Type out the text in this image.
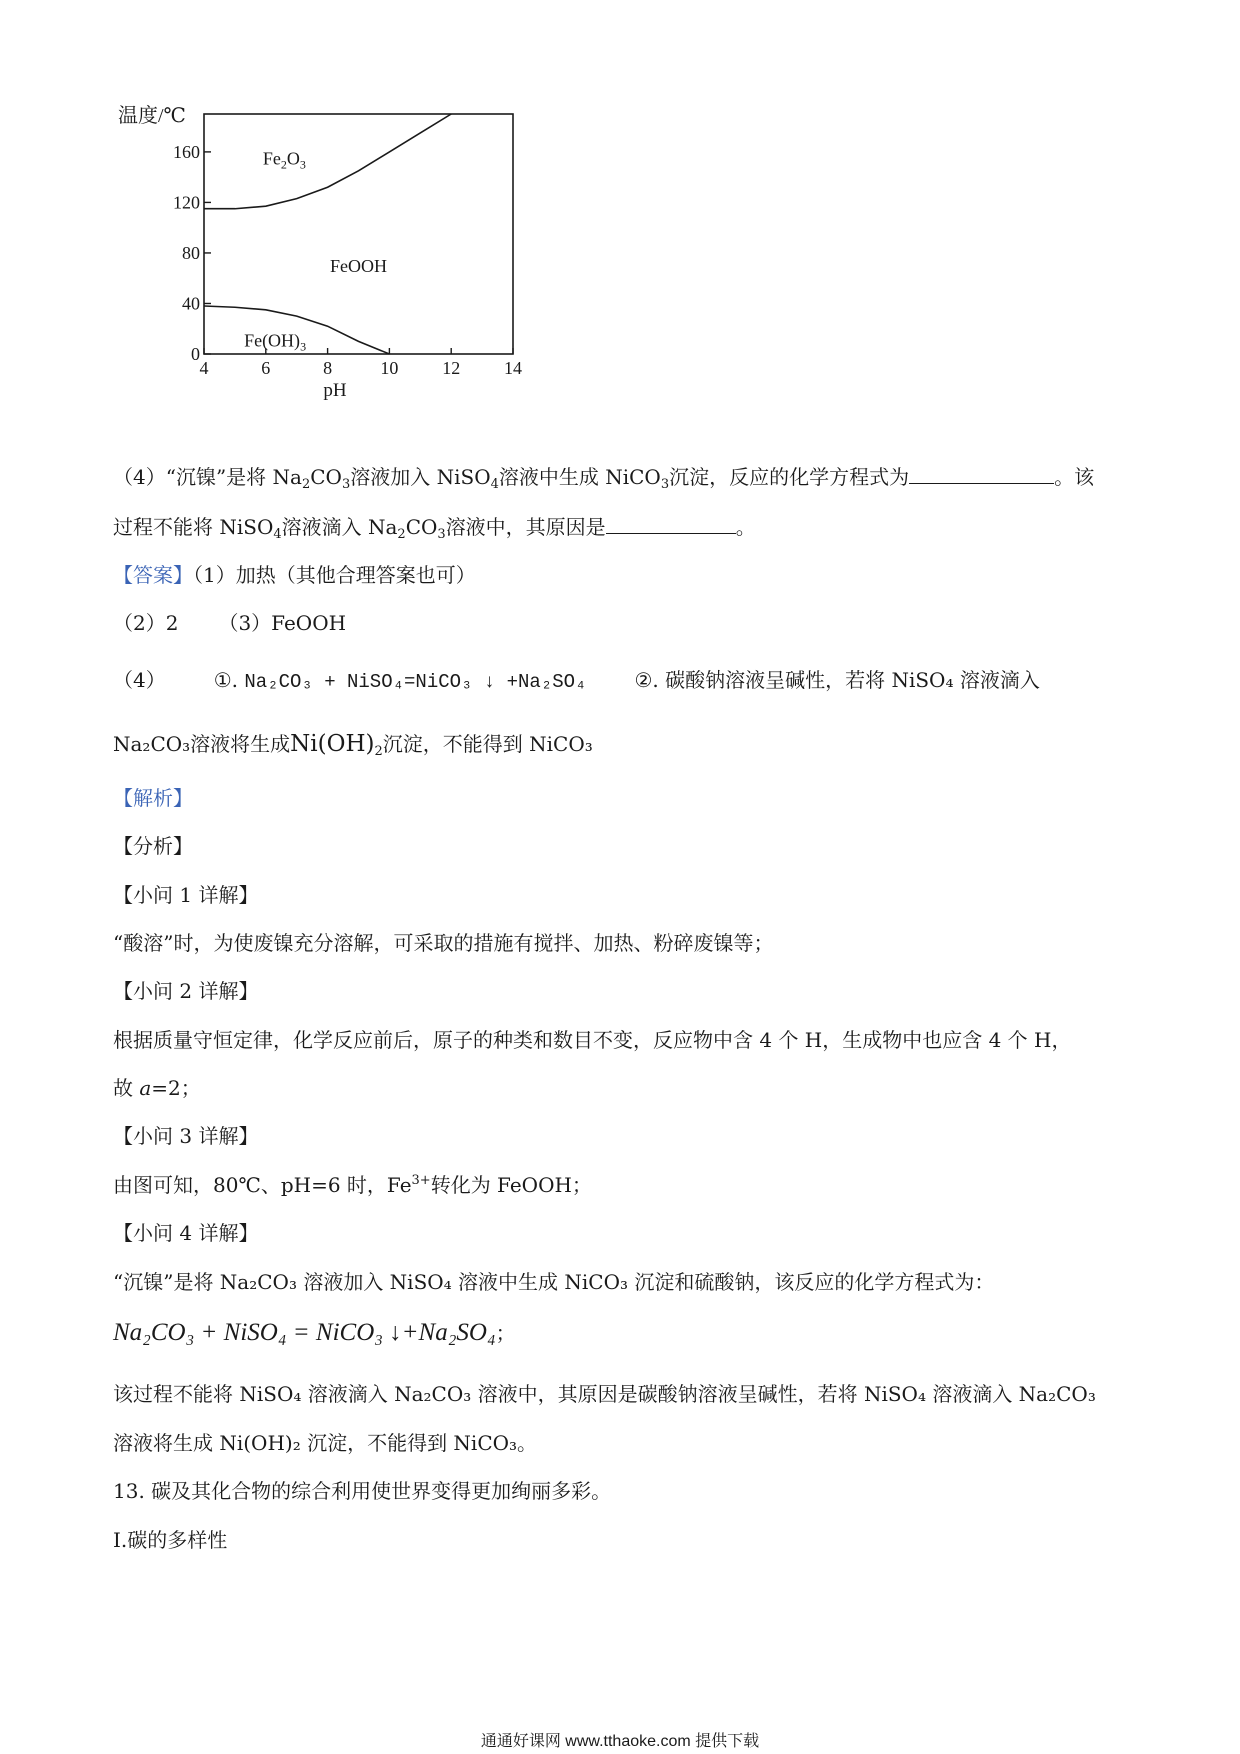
0
40
80
120
160
4	6	8	10 12 14
温度/℃
pH
$Fe_2O_3$
FeOOH
$Fe(OH)_3$
（4）“沉镍”是将 $Na_2CO_3$溶液加入 NiSO$_4$溶液中生成 NiCO$_3$沉淀，反应的化学方程式为	。该
过程不能将 NiSO$_4$溶液滴入 $Na_2CO_3$溶液中，其原因是	。
【答案】（1）加热（其他合理答案也可）
（2）2 （3）FeOOH
（4） ①. Na₂CO₃ + NiSO₄=NiCO₃ ↓ +Na₂SO₄ ②. 碳酸钠溶液呈碱性，若将 NiSO₄ 溶液滴入
Na₂CO₃溶液将生成$Ni(OH)_2$沉淀，不能得到 NiCO₃
【解析】
【分析】
【小问 1 详解】
“酸溶”时，为使废镍充分溶解，可采取的措施有搅拌、加热、粉碎废镍等；
【小问 2 详解】
根据质量守恒定律，化学反应前后，原子的种类和数目不变，反应物中含 4 个 H，生成物中也应含 4 个 H，
故 a=2；
【小问 3 详解】
由图可知，80℃、pH=6 时，$Fe^{3+}$转化为 FeOOH；
【小问 4 详解】
“沉镍”是将 Na₂CO₃ 溶液加入 NiSO₄ 溶液中生成 NiCO₃ 沉淀和硫酸钠，该反应的化学方程式为：
Na₂CO₃ + NiSO₄ = NiCO₃ ↓+Na₂SO₄；
该过程不能将 NiSO₄ 溶液滴入 Na₂CO₃ 溶液中，其原因是碳酸钠溶液呈碱性，若将 NiSO₄ 溶液滴入 Na₂CO₃
溶液将生成 Ni(OH)₂ 沉淀，不能得到 NiCO₃。
13. 碳及其化合物的综合利用使世界变得更加绚丽多彩。
I.碳的多样性
通通好课网 www.tthaoke.com 提供下载
